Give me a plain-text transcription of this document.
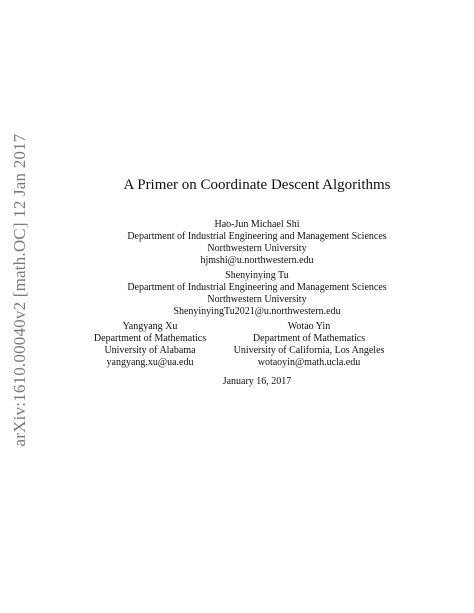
arXiv:1610.00040v2 [math.OC] 12 Jan 2017	A Primer on Coordinate Descent Algorithms
Hao-Jun Michael Shi
Department of Industrial Engineering and Management Sciences
Northwestern University
hjmshi@u.northwestern.edu
Shenyinying Tu
Department of Industrial Engineering and Management Sciences
Northwestern University
ShenyinyingTu2021@u.northwestern.edu
Yangyang Xu
Department of Mathematics
University of Alabama
yangyang.xu@ua.edu
Wotao Yin
Department of Mathematics
University of California, Los Angeles
wotaoyin@math.ucla.edu
January 16, 2017
